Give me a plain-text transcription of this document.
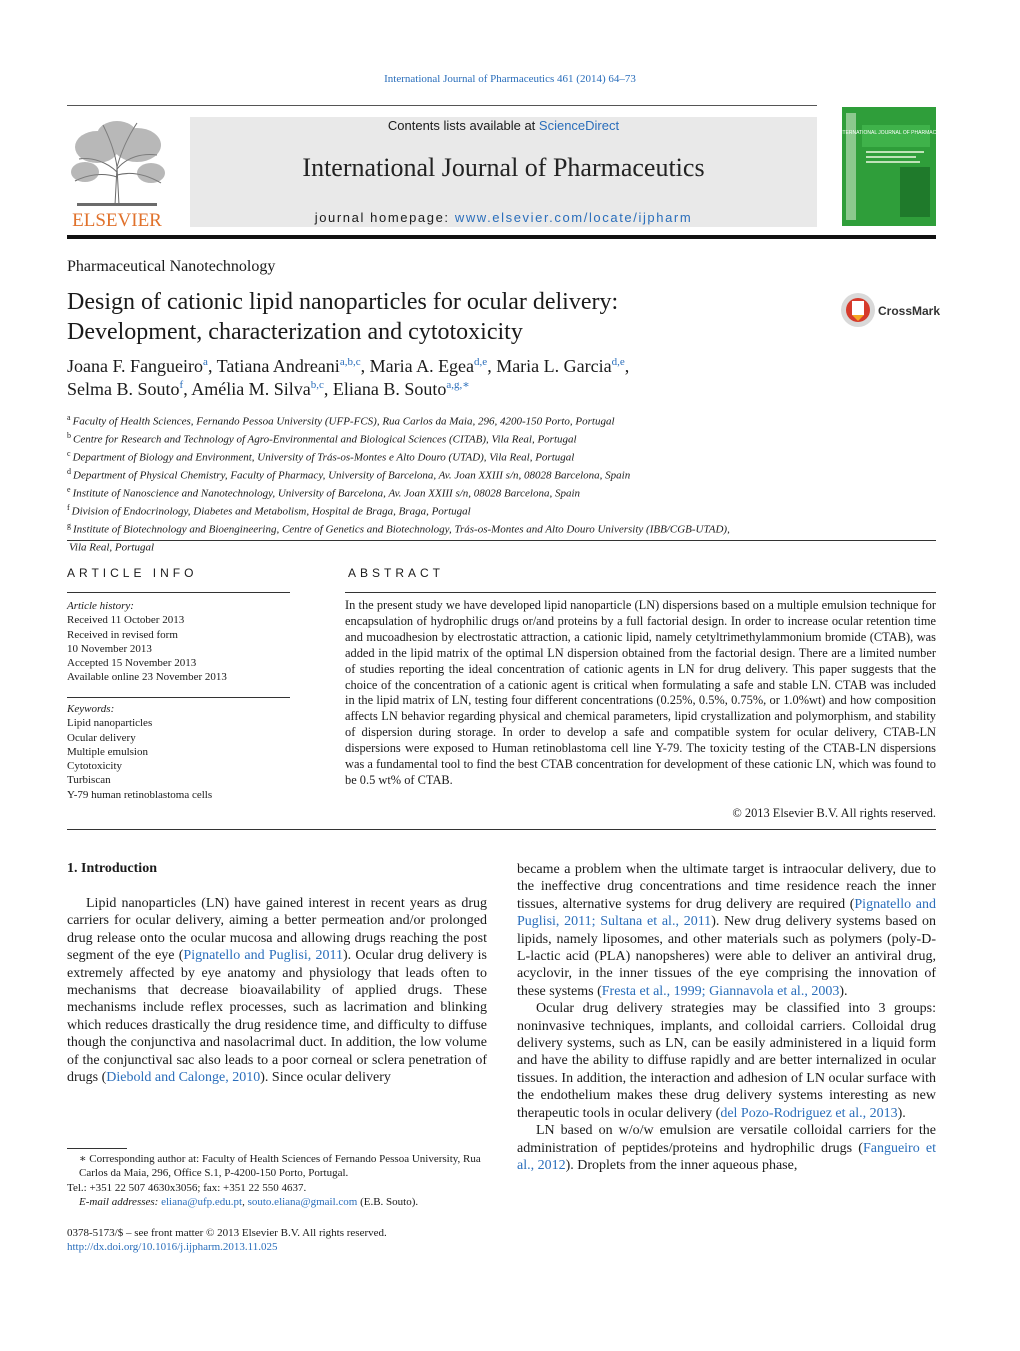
International Journal of Pharmaceutics 461 (2014) 64–73
ELSEVIER
Contents lists available at ScienceDirect
International Journal of Pharmaceutics
journal homepage: www.elsevier.com/locate/ijpharm
INTERNATIONAL JOURNAL OF PHARMACEUTICS
Pharmaceutical Nanotechnology
Design of cationic lipid nanoparticles for ocular delivery:
Development, characterization and cytotoxicity
CrossMark
Joana F. Fangueiro$^a$, Tatiana Andreani$^{a,b,c}$, Maria A. Egea$^{d,e}$, Maria L. Garcia$^{d,e}$,
Selma B. Souto$^f$, Amélia M. Silva$^{b,c}$, Eliana B. Souto$^{a,g,∗}$
$^a$ Faculty of Health Sciences, Fernando Pessoa University (UFP-FCS), Rua Carlos da Maia, 296, 4200-150 Porto, Portugal
$^b$ Centre for Research and Technology of Agro-Environmental and Biological Sciences (CITAB), Vila Real, Portugal
$^c$ Department of Biology and Environment, University of Trás-os-Montes e Alto Douro (UTAD), Vila Real, Portugal
$^d$ Department of Physical Chemistry, Faculty of Pharmacy, University of Barcelona, Av. Joan XXIII s/n, 08028 Barcelona, Spain
$^e$ Institute of Nanoscience and Nanotechnology, University of Barcelona, Av. Joan XXIII s/n, 08028 Barcelona, Spain
$^f$ Division of Endocrinology, Diabetes and Metabolism, Hospital de Braga, Braga, Portugal
$^g$ Institute of Biotechnology and Bioengineering, Centre of Genetics and Biotechnology, Trás-os-Montes and Alto Douro University (IBB/CGB-UTAD),
Vila Real, Portugal
ARTICLE INFO	ABSTRACT
Article history:
Received 11 October 2013
Received in revised form
10 November 2013
Accepted 15 November 2013
Available online 23 November 2013
Keywords:
Lipid nanoparticles
Ocular delivery
Multiple emulsion
Cytotoxicity
Turbiscan
Y-79 human retinoblastoma cells
In the present study we have developed lipid nanoparticle (LN) dispersions based on a multiple emulsion technique for encapsulation of hydrophilic drugs or/and proteins by a full factorial design. In order to increase ocular retention time and mucoadhesion by electrostatic attraction, a cationic lipid, namely cetyltrimethylammonium bromide (CTAB), was added in the lipid matrix of the optimal LN dispersion obtained from the factorial design. There are a limited number of studies reporting the ideal concentration of cationic agents in LN for drug delivery. This paper suggests that the choice of the concentration of a cationic agent is critical when formulating a safe and stable LN. CTAB was included in the lipid matrix of LN, testing four different concentrations (0.25%, 0.5%, 0.75%, or 1.0%wt) and how composition affects LN behavior regarding physical and chemical parameters, lipid crystallization and polymorphism, and stability of dispersion during storage. In order to develop a safe and compatible system for ocular delivery, CTAB-LN dispersions were exposed to Human retinoblastoma cell line Y-79. The toxicity testing of the CTAB-LN dispersions was a fundamental tool to find the best CTAB concentration for development of these cationic LN, which was found to be 0.5 wt% of CTAB.
© 2013 Elsevier B.V. All rights reserved.
1. Introduction

Lipid nanoparticles (LN) have gained interest in recent years as drug carriers for ocular delivery, aiming a better permeation and/or prolonged drug release onto the ocular mucosa and allowing drugs reaching the post segment of the eye (Pignatello and Puglisi, 2011). Ocular drug delivery is extremely affected by eye anatomy and physiology that leads often to mechanisms that decrease bioavailability of applied drugs. These mechanisms include reflex processes, such as lacrimation and blinking which reduces drastically the drug residence time, and difficulty to diffuse though the conjunctiva and nasolacrimal duct. In addition, the low volume of the conjunctival sac also leads to a poor corneal or sclera penetration of drugs (Diebold and Calonge, 2010). Since ocular delivery

became a problem when the ultimate target is intraocular delivery, due to the ineffective drug concentrations and time residence reach the inner tissues, alternative systems for drug delivery are required (Pignatello and Puglisi, 2011; Sultana et al., 2011). New drug delivery systems based on lipids, namely liposomes, and other materials such as polymers (poly-D-L-lactic acid (PLA) nanopsheres) were able to deliver an antiviral drug, acyclovir, in the inner tissues of the eye comprising the innovation of these systems (Fresta et al., 1999; Giannavola et al., 2003).

Ocular drug delivery strategies may be classified into 3 groups: noninvasive techniques, implants, and colloidal carriers. Colloidal drug delivery systems, such as LN, can be easily administered in a liquid form and have the ability to diffuse rapidly and are better internalized in ocular tissues. In addition, the interaction and adhesion of LN ocular surface with the endothelium makes these drug delivery systems interesting as new therapeutic tools in ocular delivery (del Pozo-Rodriguez et al., 2013).

LN based on w/o/w emulsion are versatile colloidal carriers for the administration of peptides/proteins and hydrophilic drugs (Fangueiro et al., 2012). Droplets from the inner aqueous phase,

∗ Corresponding author at: Faculty of Health Sciences of Fernando Pessoa University, Rua Carlos da Maia, 296, Office S.1, P-4200-150 Porto, Portugal.
Tel.: +351 22 507 4630x3056; fax: +351 22 550 4637.
E-mail addresses: eliana@ufp.edu.pt, souto.eliana@gmail.com (E.B. Souto).
0378-5173/$ – see front matter © 2013 Elsevier B.V. All rights reserved.
http://dx.doi.org/10.1016/j.ijpharm.2013.11.025
